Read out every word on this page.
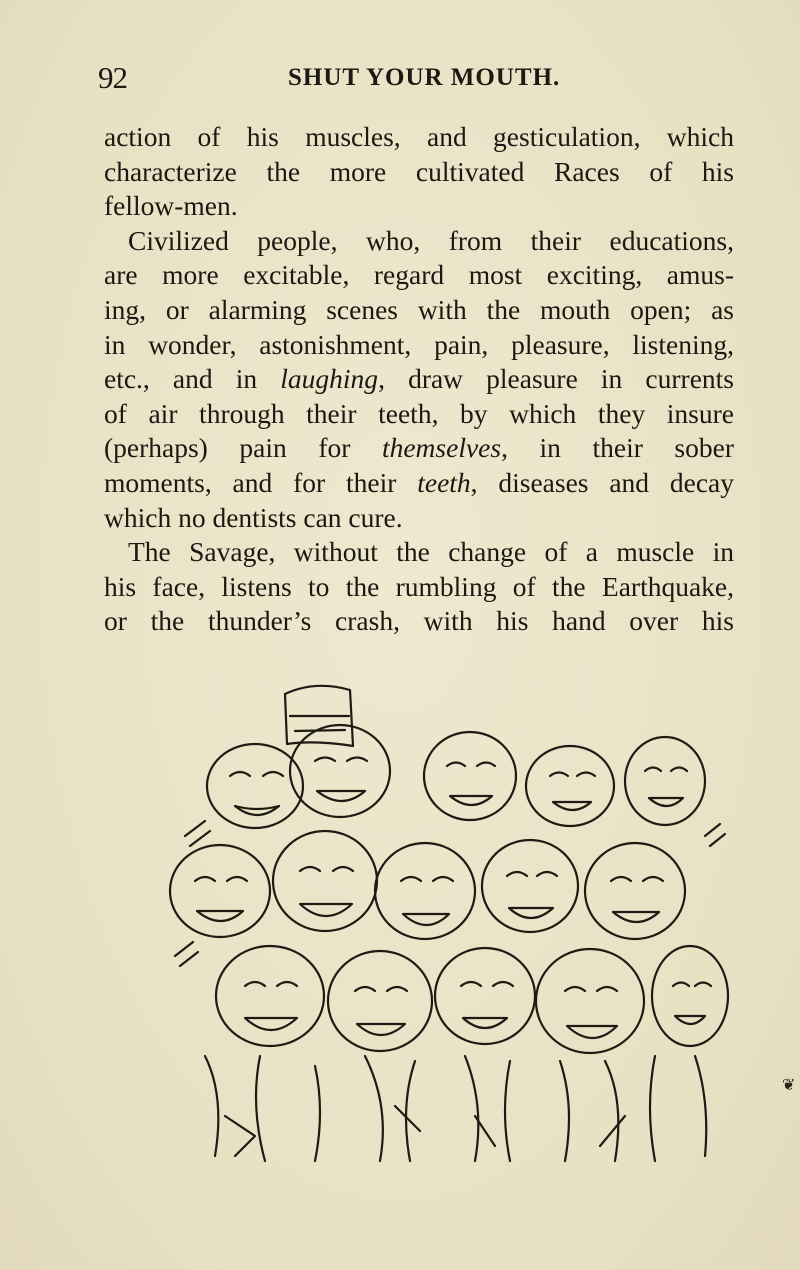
92	SHUT YOUR MOUTH.
action of his muscles, and gesticulation, which
characterize the more cultivated Races of his
fellow-men.
Civilized people, who, from their educations,
are more excitable, regard most exciting, amus-
ing, or alarming scenes with the mouth open; as
in wonder, astonishment, pain, pleasure, listening,
etc., and in laughing, draw pleasure in currents
of air through their teeth, by which they insure
(perhaps) pain for themselves, in their sober
moments, and for their teeth, diseases and decay
which no dentists can cure.
The Savage, without the change of a muscle in
his face, listens to the rumbling of the Earthquake,
or the thunder’s crash, with his hand over his
❦
